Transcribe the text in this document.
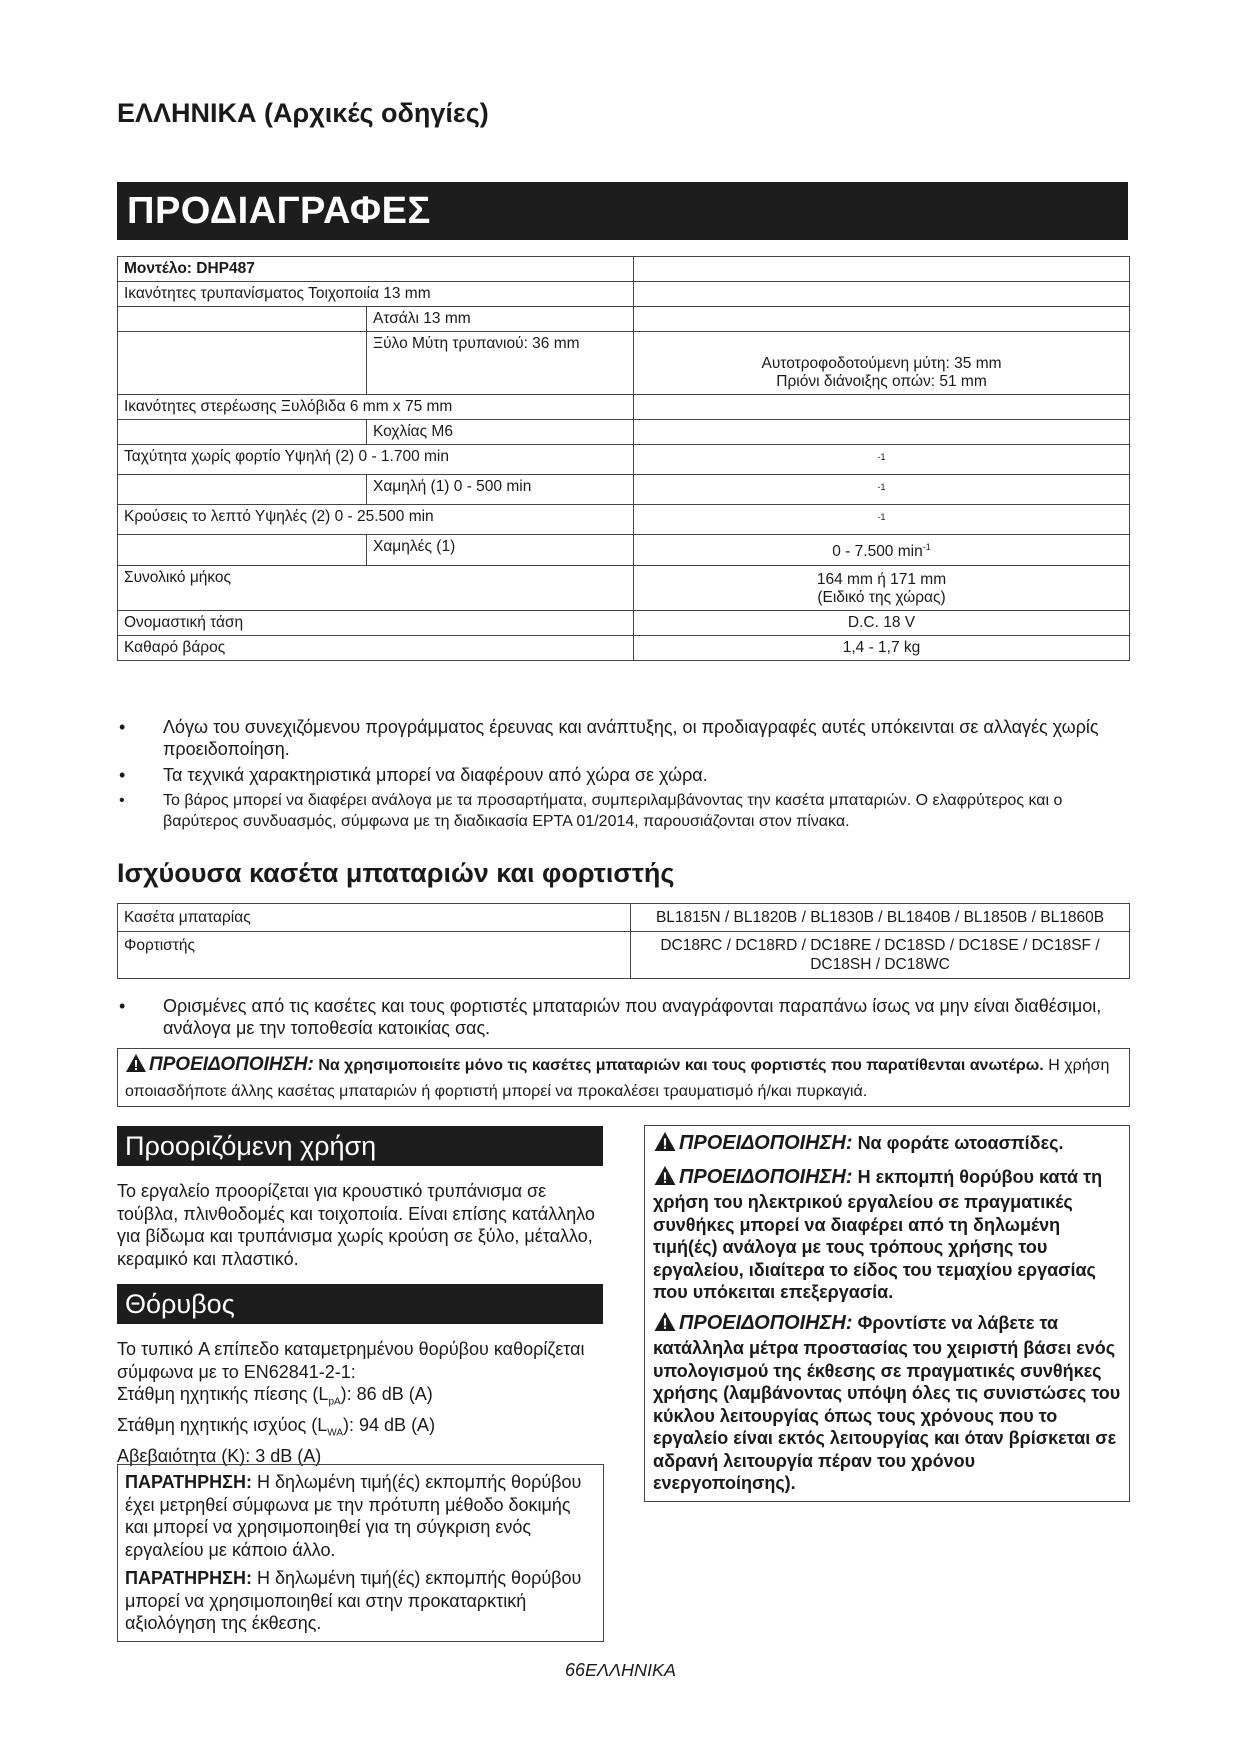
ΕΛΛΗΝΙΚΑ (Αρχικές οδηγίες)
ΠΡΟΔΙΑΓΡΑΦΕΣ
Μοντέλο: DHP487		
Ικανότητες τρυπανίσματος Τοιχοποιία 13 mm		
	Ατσάλι 13 mm	
	Ξύλο Μύτη τρυπανιού: 36 mm	Αυτοτροφοδοτούμενη μύτη: 35 mm
Πριόνι διάνοιξης οπών: 51 mm

Ικανότητες στερέωσης Ξυλόβιδα 6 mm x 75 mm		
	Κοχλίας M6	
Ταχύτητα χωρίς φορτίο Υψηλή (2) 0 - 1.700 min		$^{-1}$
	Χαμηλή (1) 0 - 500 min	$^{-1}$
Κρούσεις το λεπτό Υψηλές (2) 0 - 25.500 min		$^{-1}$
	Χαμηλές (1)	0 - 7.500 $\min^{-1}$
Συνολικό μήκος		164 mm ή 171 mm
(Ειδικό της χώρας)

Ονομαστική τάση		D.C. 18 V
Καθαρό βάρος		1,4 - 1,7 kg
• Λόγω του συνεχιζόμενου προγράμματος έρευνας και ανάπτυξης, οι προδιαγραφές αυτές υπόκεινται σε αλλαγές χωρίς προειδοποίηση.
• Τα τεχνικά χαρακτηριστικά μπορεί να διαφέρουν από χώρα σε χώρα.
• Το βάρος μπορεί να διαφέρει ανάλογα με τα προσαρτήματα, συμπεριλαμβάνοντας την κασέτα μπαταριών. Ο ελαφρύτερος και ο βαρύτερος συνδυασμός, σύμφωνα με τη διαδικασία EPTA 01/2014, παρουσιάζονται στον πίνακα.
Ισχύουσα κασέτα μπαταριών και φορτιστής
Κασέτα μπαταρίας	BL1815N / BL1820B / BL1830B / BL1840B / BL1850B / BL1860B
Φορτιστής	DC18RC / DC18RD / DC18RE / DC18SD / DC18SE / DC18SF /
DC18SH / DC18WC
• Ορισμένες από τις κασέτες και τους φορτιστές μπαταριών που αναγράφονται παραπάνω ίσως να μην είναι διαθέσιμοι, ανάλογα με την τοποθεσία κατοικίας σας.
ΠΡΟΕΙΔΟΠΟΙΗΣΗ: Να χρησιμοποιείτε μόνο τις κασέτες μπαταριών και τους φορτιστές που παρατίθενται ανωτέρω. Η χρήση οποιασδήποτε άλλης κασέτας μπαταριών ή φορτιστή μπορεί να προκαλέσει τραυματισμό ή/και πυρκαγιά.
Προοριζόμενη χρήση
Το εργαλείο προορίζεται για κρουστικό τρυπάνισμα σε τούβλα, πλινθοδομές και τοιχοποιία. Είναι επίσης κατάλληλο για βίδωμα και τρυπάνισμα χωρίς κρούση σε ξύλο, μέταλλο, κεραμικό και πλαστικό.
Θόρυβος
Το τυπικό A επίπεδο καταμετρημένου θορύβου καθορίζεται σύμφωνα με το EN62841-2-1:
Στάθμη ηχητικής πίεσης $(L_{pA})$: 86 dB (A)
Στάθμη ηχητικής ισχύος $(L_{WA})$: 94 dB (A)
Αβεβαιότητα (K): 3 dB (A)

ΠΑΡΑΤΗΡΗΣΗ: Η δηλωμένη τιμή(ές) εκπομπής θορύβου έχει μετρηθεί σύμφωνα με την πρότυπη μέθοδο δοκιμής και μπορεί να χρησιμοποιηθεί για τη σύγκριση ενός εργαλείου με κάποιο άλλο.

ΠΑΡΑΤΗΡΗΣΗ: Η δηλωμένη τιμή(ές) εκπομπής θορύβου μπορεί να χρησιμοποιηθεί και στην προκαταρκτική αξιολόγηση της έκθεσης.

ΠΡΟΕΙΔΟΠΟΙΗΣΗ: Να φοράτε ωτοασπίδες.

ΠΡΟΕΙΔΟΠΟΙΗΣΗ: Η εκπομπή θορύβου κατά τη χρήση του ηλεκτρικού εργαλείου σε πραγματικές συνθήκες μπορεί να διαφέρει από τη δηλωμένη τιμή(ές) ανάλογα με τους τρόπους χρήσης του εργαλείου, ιδιαίτερα το είδος του τεμαχίου εργασίας που υπόκειται επεξεργασία.

ΠΡΟΕΙΔΟΠΟΙΗΣΗ: Φροντίστε να λάβετε τα κατάλληλα μέτρα προστασίας του χειριστή βάσει ενός υπολογισμού της έκθεσης σε πραγματικές συνθήκες χρήσης (λαμβάνοντας υπόψη όλες τις συνιστώσες του κύκλου λειτουργίας όπως τους χρόνους που το εργαλείο είναι εκτός λειτουργίας και όταν βρίσκεται σε αδρανή λειτουργία πέραν του χρόνου ενεργοποίησης).

66ΕΛΛΗΝΙΚΑ
